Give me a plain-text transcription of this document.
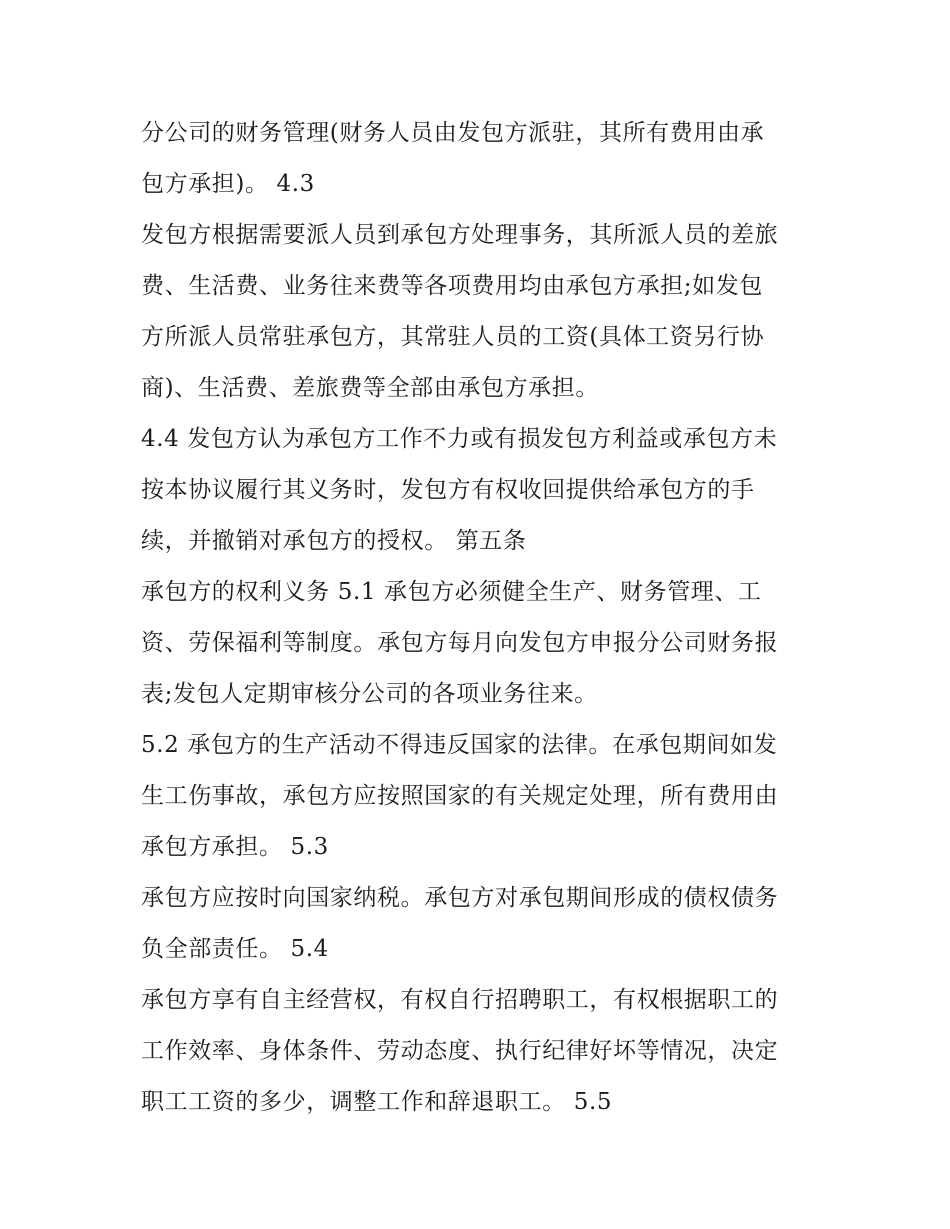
分公司的财务管理(财务人员由发包方派驻，其所有费用由承
包方承担)。 4.3
发包方根据需要派人员到承包方处理事务，其所派人员的差旅
费、生活费、业务往来费等各项费用均由承包方承担;如发包
方所派人员常驻承包方，其常驻人员的工资(具体工资另行协
商)、生活费、差旅费等全部由承包方承担。
4.4 发包方认为承包方工作不力或有损发包方利益或承包方未
按本协议履行其义务时，发包方有权收回提供给承包方的手
续，并撤销对承包方的授权。 第五条
承包方的权利义务 5.1 承包方必须健全生产、财务管理、工
资、劳保福利等制度。承包方每月向发包方申报分公司财务报
表;发包人定期审核分公司的各项业务往来。
5.2 承包方的生产活动不得违反国家的法律。在承包期间如发
生工伤事故，承包方应按照国家的有关规定处理，所有费用由
承包方承担。 5.3
承包方应按时向国家纳税。承包方对承包期间形成的债权债务
负全部责任。 5.4
承包方享有自主经营权，有权自行招聘职工，有权根据职工的
工作效率、身体条件、劳动态度、执行纪律好坏等情况，决定
职工工资的多少，调整工作和辞退职工。 5.5
